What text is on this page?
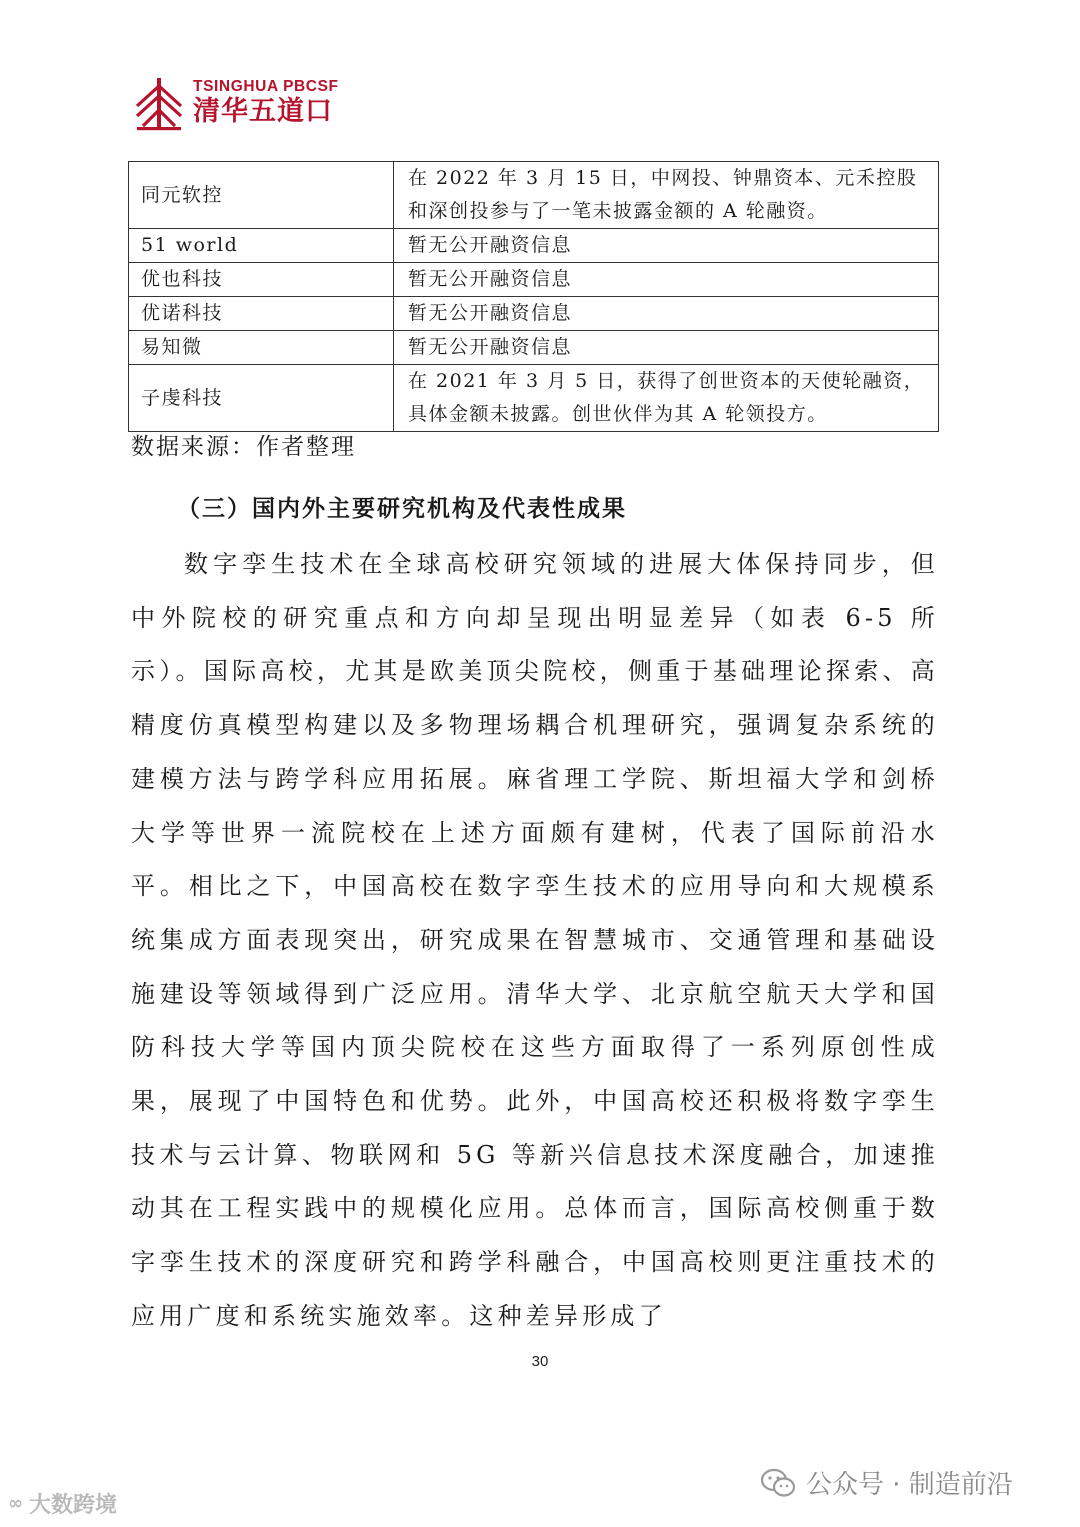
TSINGHUA PBCSF
清华五道口
同元软控	在 2022 年 3 月 15 日，中网投、钟鼎资本、元禾控股和深创投参与了一笔未披露金额的 A 轮融资。
51 world	暂无公开融资信息
优也科技	暂无公开融资信息
优诺科技	暂无公开融资信息
易知微	暂无公开融资信息
子虔科技	在 2021 年 3 月 5 日，获得了创世资本的天使轮融资，具体金额未披露。创世伙伴为其 A 轮领投方。
数据来源：作者整理
（三）国内外主要研究机构及代表性成果
数字孪生技术在全球高校研究领域的进展大体保持同步，但中外院校的研究重点和方向却呈现出明显差异（如表 6-5 所示）。国际高校，尤其是欧美顶尖院校，侧重于基础理论探索、高精度仿真模型构建以及多物理场耦合机理研究，强调复杂系统的建模方法与跨学科应用拓展。麻省理工学院、斯坦福大学和剑桥大学等世界一流院校在上述方面颇有建树，代表了国际前沿水平。相比之下，中国高校在数字孪生技术的应用导向和大规模系统集成方面表现突出，研究成果在智慧城市、交通管理和基础设施建设等领域得到广泛应用。清华大学、北京航空航天大学和国防科技大学等国内顶尖院校在这些方面取得了一系列原创性成果，展现了中国特色和优势。此外，中国高校还积极将数字孪生技术与云计算、物联网和 5G 等新兴信息技术深度融合，加速推动其在工程实践中的规模化应用。总体而言，国际高校侧重于数字孪生技术的深度研究和跨学科融合，中国高校则更注重技术的应用广度和系统实施效率。这种差异形成了
30
公众号 · 制造前沿
∞ 大数跨境
